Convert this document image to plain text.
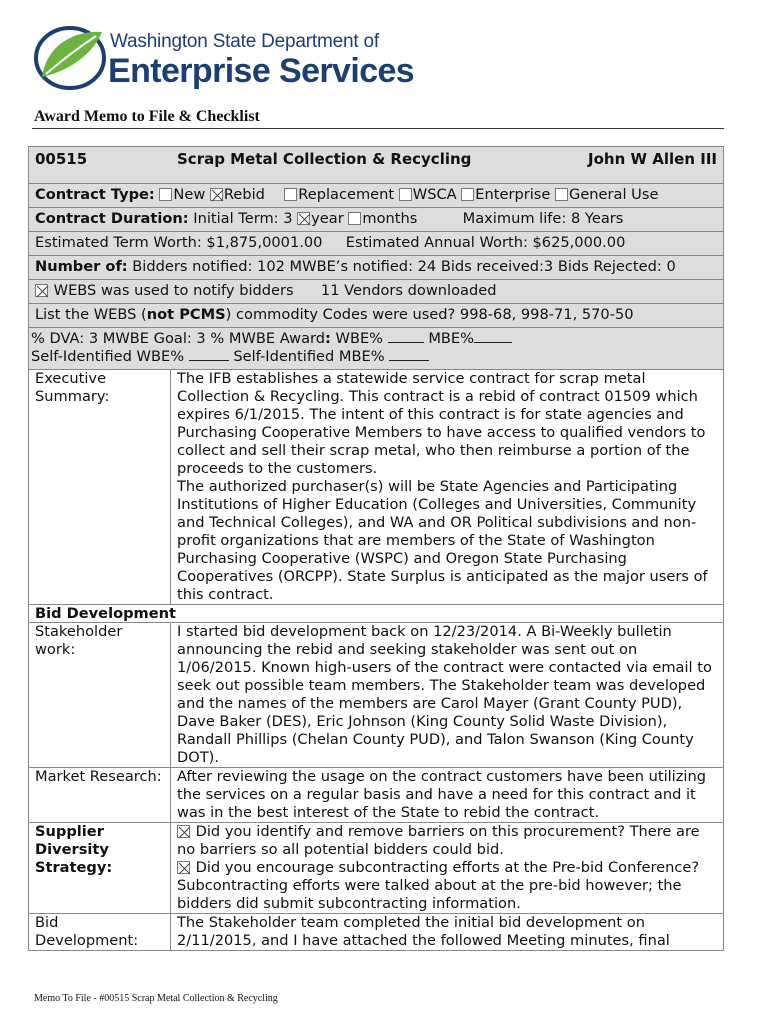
Washington State Department of
Enterprise Services
Award Memo to File & Checklist
00515	Scrap Metal Collection & Recycling	John W Allen III
Contract Type: New Rebid Replacement WSCA Enterprise General Use
Contract Duration: Initial Term: 3 year months	Maximum life: 8 Years
Estimated Term Worth: $1,875,0001.00 Estimated Annual Worth: $625,000.00
Number of: Bidders notified: 102 MWBE’s notified: 24 Bids received:3 Bids Rejected: 0
WEBS was used to notify bidders 11 Vendors downloaded
List the WEBS (not PCMS) commodity Codes were used? 998-68, 998-71, 570-50
% DVA: 3 MWBE Goal: 3 % MWBE Award: WBE%	MBE%
Self-Identified WBE%	Self-Identified MBE%
Executive Summary:
The IFB establishes a statewide service contract for scrap metal Collection & Recycling. This contract is a rebid of contract 01509 which expires 6/1/2015. The intent of this contract is for state agencies and Purchasing Cooperative Members to have access to qualified vendors to collect and sell their scrap metal, who then reimburse a portion of the proceeds to the customers.
The authorized purchaser(s) will be State Agencies and Participating Institutions of Higher Education (Colleges and Universities, Community and Technical Colleges), and WA and OR Political subdivisions and non-profit organizations that are members of the State of Washington Purchasing Cooperative (WSPC) and Oregon State Purchasing Cooperatives (ORCPP). State Surplus is anticipated as the major users of this contract.
Bid Development
Stakeholder work:
I started bid development back on 12/23/2014. A Bi-Weekly bulletin announcing the rebid and seeking stakeholder was sent out on 1/06/2015. Known high-users of the contract were contacted via email to seek out possible team members. The Stakeholder team was developed and the names of the members are Carol Mayer (Grant County PUD), Dave Baker (DES), Eric Johnson (King County Solid Waste Division), Randall Phillips (Chelan County PUD), and Talon Swanson (King County DOT).
Market Research:	After reviewing the usage on the contract customers have been utilizing the services on a regular basis and have a need for this contract and it was in the best interest of the State to rebid the contract.
Supplier Diversity Strategy:
Did you identify and remove barriers on this procurement? There are no barriers so all potential bidders could bid.
Did you encourage subcontracting efforts at the Pre-bid Conference? Subcontracting efforts were talked about at the pre-bid however; the bidders did submit subcontracting information.
Bid Development:
The Stakeholder team completed the initial bid development on 2/11/2015, and I have attached the followed Meeting minutes, final
Memo To File - #00515 Scrap Metal Collection & Recycling
